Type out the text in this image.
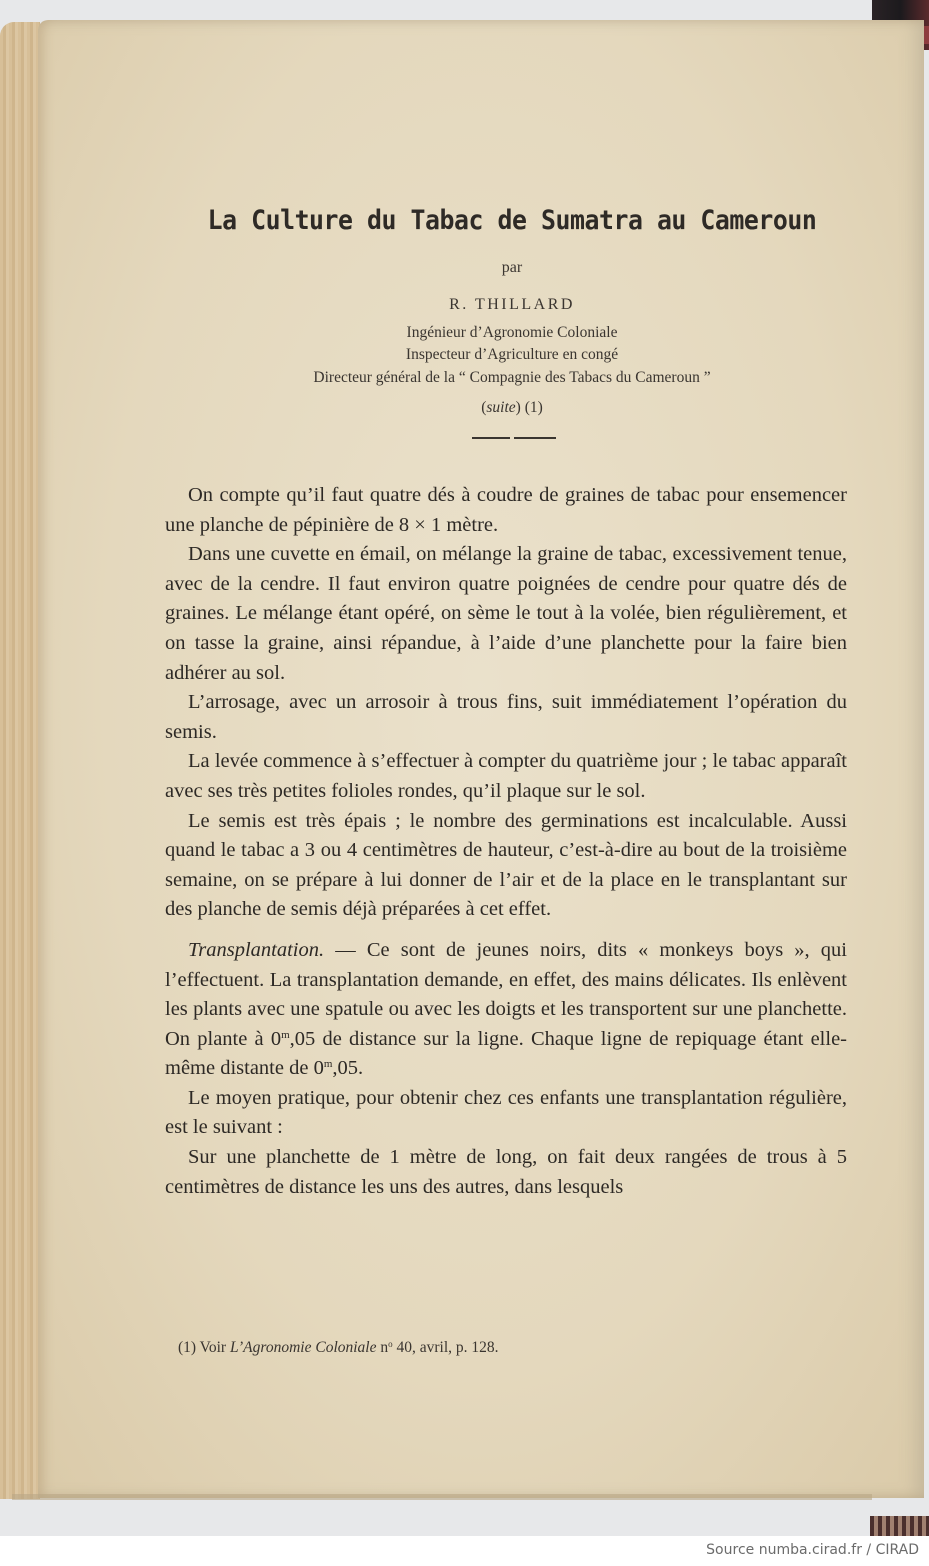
La Culture du Tabac de Sumatra au Cameroun
par
R. THILLARD
Ingénieur d’Agronomie Coloniale
Inspecteur d’Agriculture en congé
Directeur général de la “ Compagnie des Tabacs du Cameroun ”
(suite) (1)

On compte qu’il faut quatre dés à coudre de graines de tabac pour ensemencer une planche de pépinière de 8 × 1 mètre.

Dans une cuvette en émail, on mélange la graine de tabac, excessivement tenue, avec de la cendre. Il faut environ quatre poignées de cendre pour quatre dés de graines. Le mélange étant opéré, on sème le tout à la volée, bien régulièrement, et on tasse la graine, ainsi répandue, à l’aide d’une planchette pour la faire bien adhérer au sol.

L’arrosage, avec un arrosoir à trous fins, suit immédiatement l’opération du semis.

La levée commence à s’effectuer à compter du quatrième jour ; le tabac apparaît avec ses très petites folioles rondes, qu’il plaque sur le sol.

Le semis est très épais ; le nombre des germinations est incalculable. Aussi quand le tabac a 3 ou 4 centimètres de hauteur, c’est-à-dire au bout de la troisième semaine, on se prépare à lui donner de l’air et de la place en le transplantant sur des planche de semis déjà préparées à cet effet.

Transplantation. — Ce sont de jeunes noirs, dits « monkeys boys », qui l’effectuent. La transplantation demande, en effet, des mains délicates. Ils enlèvent les plants avec une spatule ou avec les doigts et les transportent sur une planchette. On plante à 0$^m$,05 de distance sur la ligne. Chaque ligne de repiquage étant elle-même distante de 0$^m$,05.

Le moyen pratique, pour obtenir chez ces enfants une transplantation régulière, est le suivant :

Sur une planchette de 1 mètre de long, on fait deux rangées de trous à 5 centimètres de distance les uns des autres, dans lesquels

(1) Voir L’Agronomie Coloniale $n^o$ 40, avril, p. 128.
Source numba.cirad.fr / CIRAD
